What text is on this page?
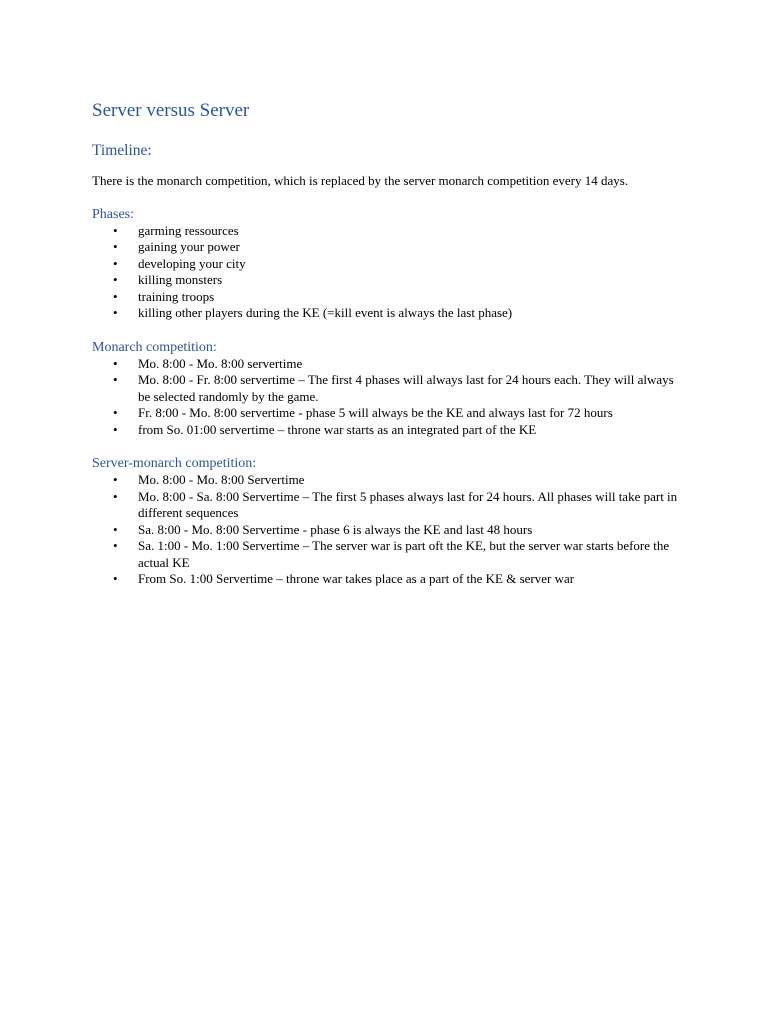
Server versus Server
Timeline:

There is the monarch competition, which is replaced by the server monarch competition every 14 days.

Phases:
• garming ressources
• gaining your power
• developing your city
• killing monsters
• training troops
• killing other players during the KE (=kill event is always the last phase)
Monarch competition:
• Mo. 8:00 - Mo. 8:00 servertime
• Mo. 8:00 - Fr. 8:00 servertime – The first 4 phases will always last for 24 hours each. They will always be selected randomly by the game.
• Fr. 8:00 - Mo. 8:00 servertime - phase 5 will always be the KE and always last for 72 hours
• from So. 01:00 servertime – throne war starts as an integrated part of the KE
Server-monarch competition:
• Mo. 8:00 - Mo. 8:00 Servertime
• Mo. 8:00 - Sa. 8:00 Servertime – The first 5 phases always last for 24 hours. All phases will take part in different sequences
• Sa. 8:00 - Mo. 8:00 Servertime - phase 6 is always the KE and last 48 hours
• Sa. 1:00 - Mo. 1:00 Servertime – The server war is part oft the KE, but the server war starts before the actual KE
• From So. 1:00 Servertime – throne war takes place as a part of the KE & server war
